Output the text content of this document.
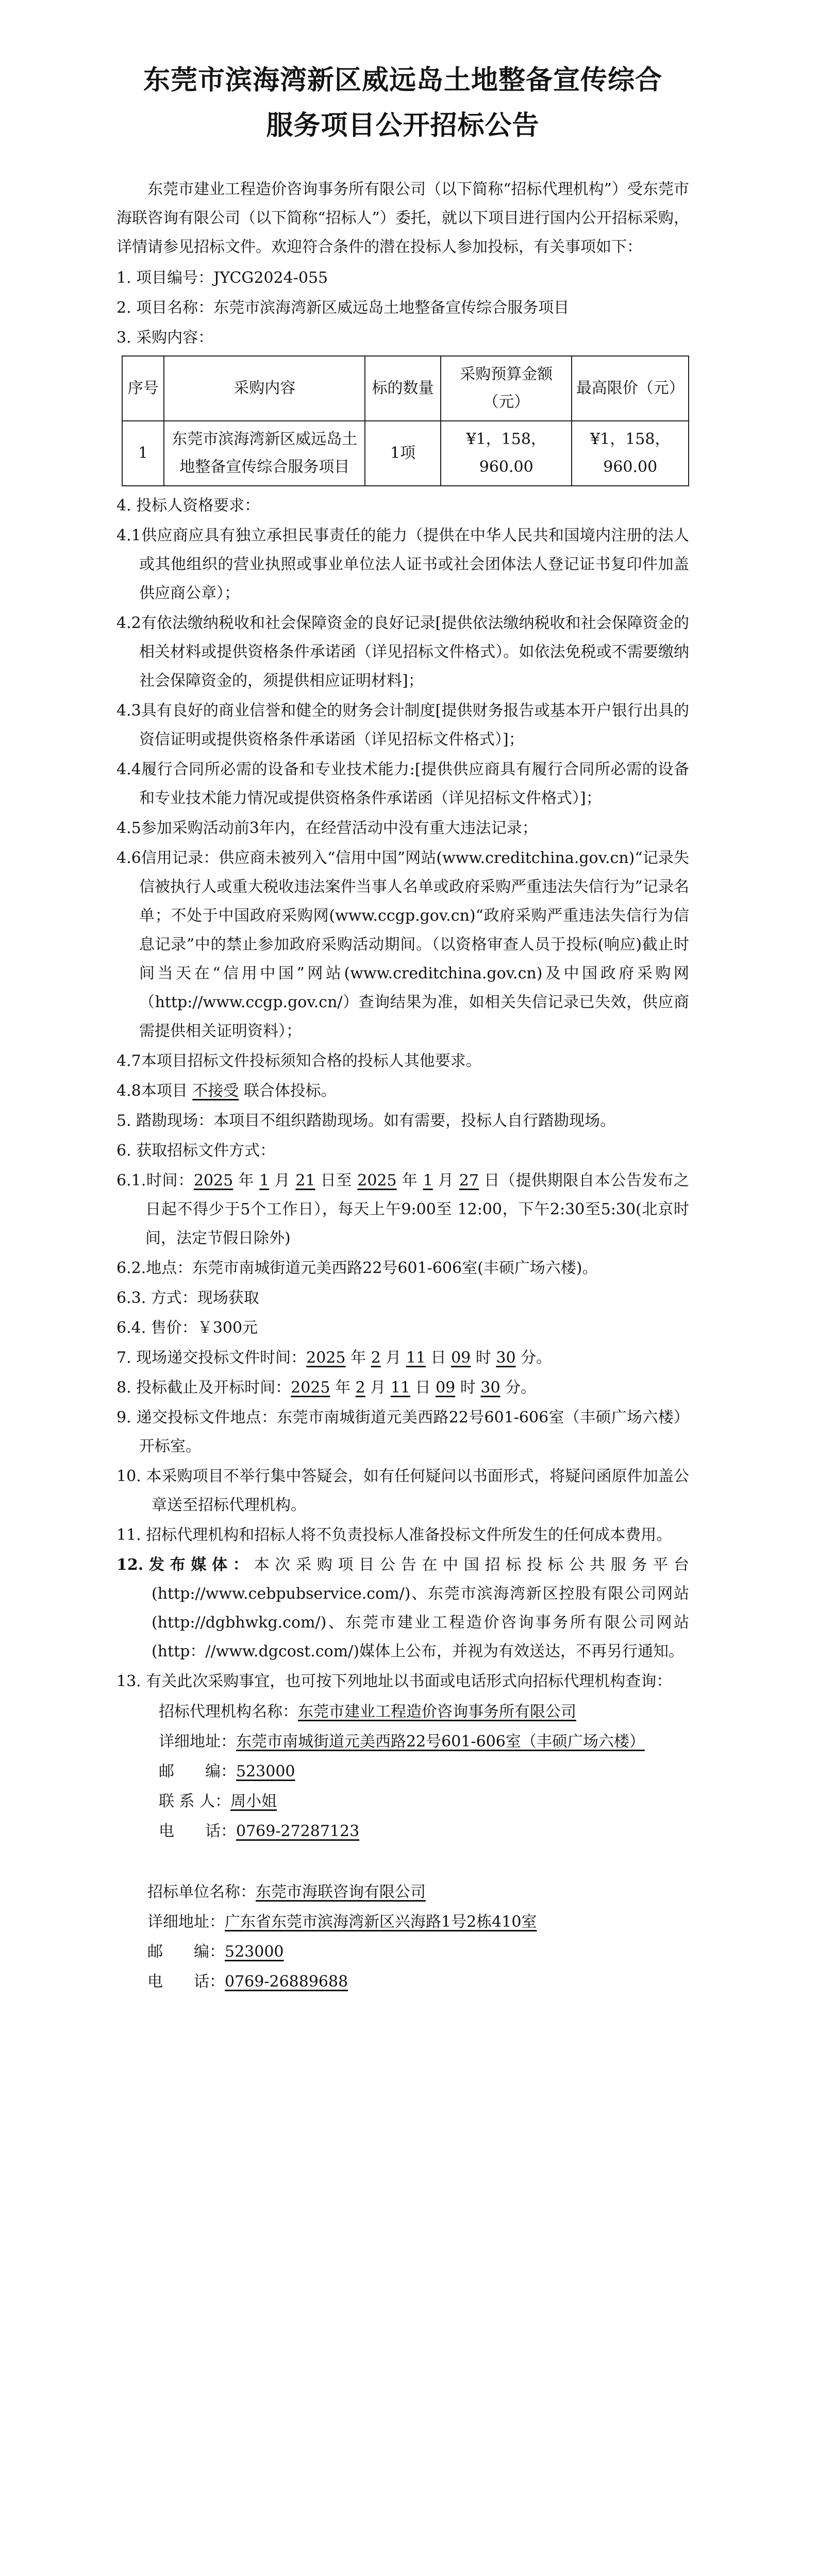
东莞市滨海湾新区威远岛土地整备宣传综合
服务项目公开招标公告

东莞市建业工程造价咨询事务所有限公司（以下简称“招标代理机构”）受东莞市海联咨询有限公司（以下简称“招标人”）委托，就以下项目进行国内公开招标采购，详情请参见招标文件。欢迎符合条件的潜在投标人参加投标，有关事项如下：

1. 项目编号：JYCG2024-055

2. 项目名称：东莞市滨海湾新区威远岛土地整备宣传综合服务项目

3. 采购内容：

序号	采购内容	标的数量	采购预算金额（元）	最高限价（元）
1	东莞市滨海湾新区威远岛土地整备宣传综合服务项目	1项	¥1，158，960.00	¥1，158，960.00

4. 投标人资格要求：

4.1供应商应具有独立承担民事责任的能力（提供在中华人民共和国境内注册的法人或其他组织的营业执照或事业单位法人证书或社会团体法人登记证书复印件加盖供应商公章）；

4.2有依法缴纳税收和社会保障资金的良好记录[提供依法缴纳税收和社会保障资金的相关材料或提供资格条件承诺函（详见招标文件格式）。如依法免税或不需要缴纳社会保障资金的，须提供相应证明材料]；

4.3具有良好的商业信誉和健全的财务会计制度[提供财务报告或基本开户银行出具的资信证明或提供资格条件承诺函（详见招标文件格式）]；

4.4履行合同所必需的设备和专业技术能力:[提供供应商具有履行合同所必需的设备和专业技术能力情况或提供资格条件承诺函（详见招标文件格式）]；

4.5参加采购活动前3年内，在经营活动中没有重大违法记录；

4.6信用记录：供应商未被列入“信用中国”网站(www.creditchina.gov.cn)“记录失信被执行人或重大税收违法案件当事人名单或政府采购严重违法失信行为”记录名单；不处于中国政府采购网(www.ccgp.gov.cn)“政府采购严重违法失信行为信息记录”中的禁止参加政府采购活动期间。（以资格审查人员于投标(响应)截止时间当天在“信用中国”网站(www.creditchina.gov.cn)及中国政府采购网（http://www.ccgp.gov.cn/）查询结果为准，如相关失信记录已失效，供应商需提供相关证明资料）；

4.7本项目招标文件投标须知合格的投标人其他要求。

4.8本项目 不接受 联合体投标。

5. 踏勘现场：本项目不组织踏勘现场。如有需要，投标人自行踏勘现场。

6. 获取招标文件方式：

6.1.时间：2025 年 1 月 21 日至 2025 年 1 月 27 日（提供期限自本公告发布之日起不得少于5个工作日），每天上午9:00至 12:00，下午2:30至5:30(北京时间，法定节假日除外)

6.2.地点：东莞市南城街道元美西路22号601-606室(丰硕广场六楼)。

6.3. 方式：现场获取

6.4. 售价：￥300元

7. 现场递交投标文件时间：2025 年 2 月 11 日 09 时 30 分。

8. 投标截止及开标时间：2025 年 2 月 11 日 09 时 30 分。

9. 递交投标文件地点：东莞市南城街道元美西路22号601-606室（丰硕广场六楼）开标室。

10. 本采购项目不举行集中答疑会，如有任何疑问以书面形式，将疑问函原件加盖公章送至招标代理机构。

11. 招标代理机构和招标人将不负责投标人准备投标文件所发生的任何成本费用。

12.发布媒体：本次采购项目公告在中国招标投标公共服务平台(http://www.cebpubservice.com/)、东莞市滨海湾新区控股有限公司网站(http://dgbhwkg.com/)、东莞市建业工程造价咨询事务所有限公司网站(http：//www.dgcost.com/)媒体上公布，并视为有效送达，不再另行通知。

13. 有关此次采购事宜，也可按下列地址以书面或电话形式向招标代理机构查询：

招标代理机构名称：东莞市建业工程造价咨询事务所有限公司

详细地址：东莞市南城街道元美西路22号601-606室（丰硕广场六楼）

邮　　编：523000

联 系 人：周小姐

电　　话：0769-27287123

招标单位名称：东莞市海联咨询有限公司

详细地址：广东省东莞市滨海湾新区兴海路1号2栋410室

邮　　编：523000

电　　话：0769-26889688
